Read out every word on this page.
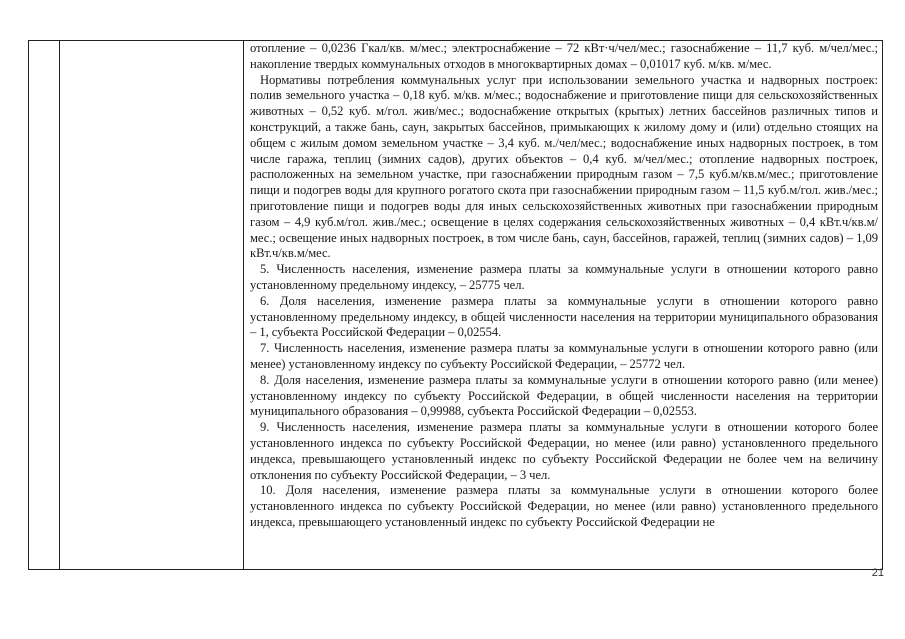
отопление – 0,0236 Гкал/кв. м/мес.; электроснабжение – 72 кВт·ч/чел/мес.; газоснабжение – 11,7 куб. м/чел/мес.; накопление твердых коммунальных отходов в многоквартирных домах – 0,01017 куб. м/кв. м/мес.

Нормативы потребления коммунальных услуг при использовании земельного участка и надворных построек: полив земельного участка – 0,18 куб. м/кв. м/мес.; водоснабжение и приготовление пищи для сельскохозяйственных животных – 0,52 куб. м/гол. жив/мес.; водоснабжение открытых (крытых) летних бассейнов различных типов и конструкций, а также бань, саун, закрытых бассейнов, примыкающих к жилому дому и (или) отдельно стоящих на общем с жилым домом земельном участке – 3,4 куб. м./чел/мес.; водоснабжение иных надворных построек, в том числе гаража, теплиц (зимних садов), других объектов – 0,4 куб. м/чел/мес.; отопление надворных построек, расположенных на земельном участке, при газоснабжении природным газом – 7,5 куб.м/кв.м/мес.; приготовление пищи и подогрев воды для крупного рогатого скота при газоснабжении природным газом – 11,5 куб.м/гол. жив./мес.; приготовление пищи и подогрев воды для иных сельскохозяйственных животных при газоснабжении природным газом – 4,9 куб.м/гол. жив./мес.; освещение в целях содержания сельскохозяйственных животных – 0,4 кВт.ч/кв.м/мес.; освещение иных надворных построек, в том числе бань, саун, бассейнов, гаражей, теплиц (зимних садов) – 1,09 кВт.ч/кв.м/мес.

5. Численность населения, изменение размера платы за коммунальные услуги в отношении которого равно установленному предельному индексу, – 25775 чел.

6. Доля населения, изменение размера платы за коммунальные услуги в отношении которого равно установленному предельному индексу, в общей численности населения на территории муниципального образования – 1, субъекта Российской Федерации – 0,02554.

7. Численность населения, изменение размера платы за коммунальные услуги в отношении которого равно (или менее) установленному индексу по субъекту Российской Федерации, – 25772 чел.

8. Доля населения, изменение размера платы за коммунальные услуги в отношении которого равно (или менее) установленному индексу по субъекту Российской Федерации, в общей численности населения на территории муниципального образования – 0,99988, субъекта Российской Федерации – 0,02553.

9. Численность населения, изменение размера платы за коммунальные услуги в отношении которого более установленного индекса по субъекту Российской Федерации, но менее (или равно) установленного предельного индекса, превышающего установленный индекс по субъекту Российской Федерации не более чем на величину отклонения по субъекту Российской Федерации, – 3 чел.

10. Доля населения, изменение размера платы за коммунальные услуги в отношении которого более установленного индекса по субъекту Российской Федерации, но менее (или равно) установленного предельного индекса, превышающего установленный индекс по субъекту Российской Федерации не

21
